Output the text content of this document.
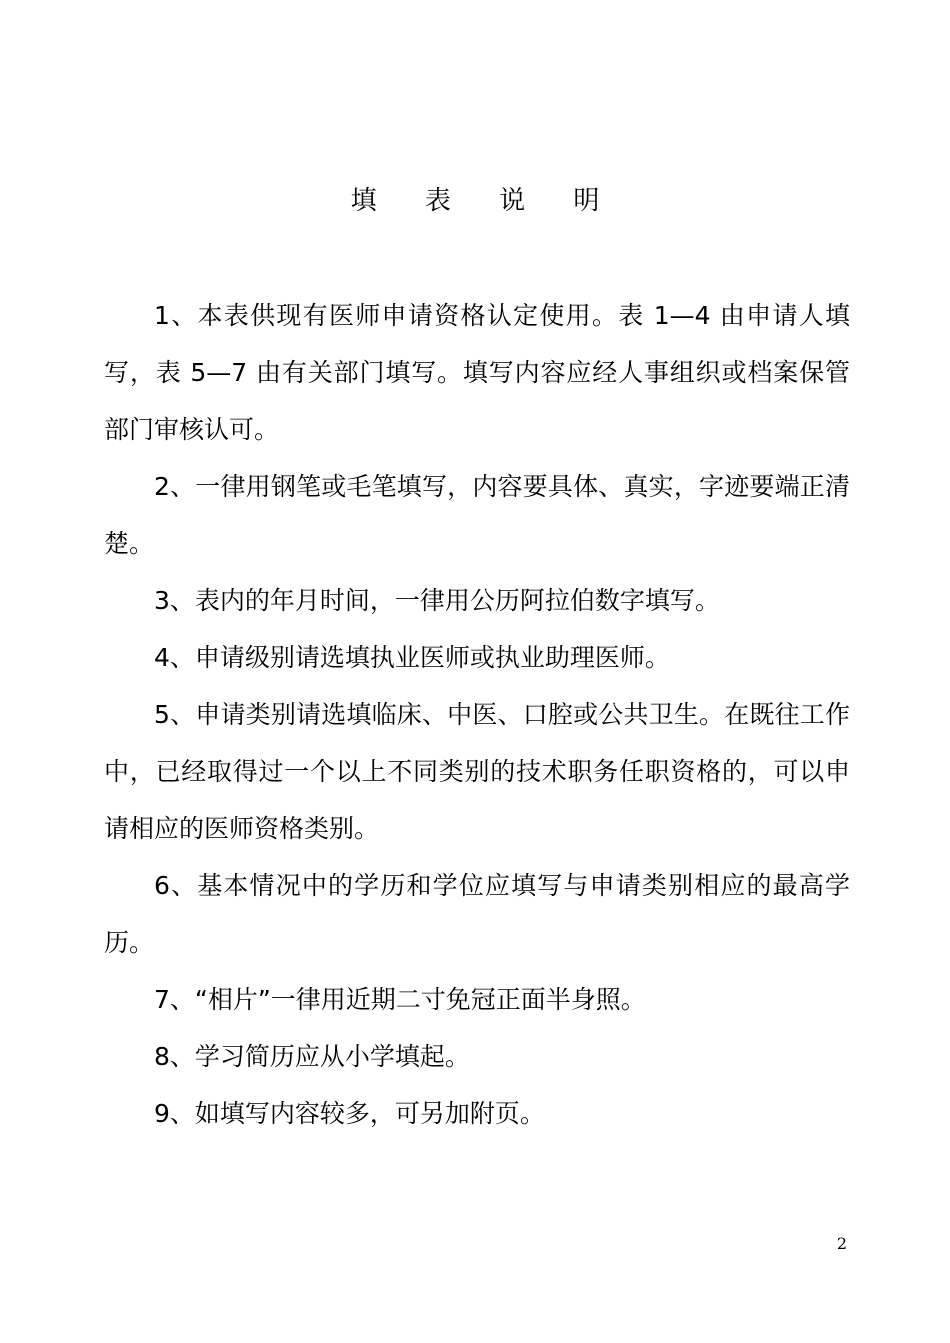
填 表 说 明
1、本表供现有医师申请资格认定使用。表 1—4 由申请人填写，表 5—7 由有关部门填写。填写内容应经人事组织或档案保管部门审核认可。
2、一律用钢笔或毛笔填写，内容要具体、真实，字迹要端正清楚。
3、表内的年月时间，一律用公历阿拉伯数字填写。
4、申请级别请选填执业医师或执业助理医师。
5、申请类别请选填临床、中医、口腔或公共卫生。在既往工作中，已经取得过一个以上不同类别的技术职务任职资格的，可以申请相应的医师资格类别。
6、基本情况中的学历和学位应填写与申请类别相应的最高学历。
7、“相片”一律用近期二寸免冠正面半身照。
8、学习简历应从小学填起。
9、如填写内容较多，可另加附页。
2
